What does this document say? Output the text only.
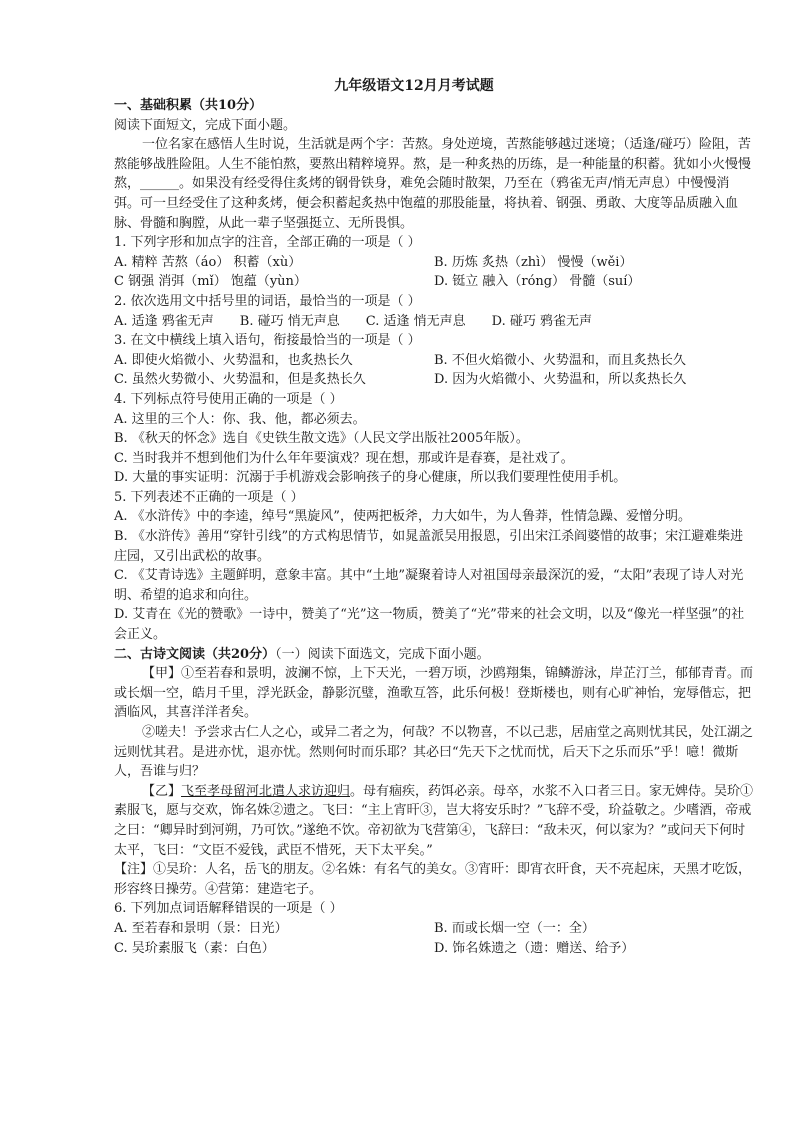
九年级语文12月月考试题

一、基础积累（共10分）

阅读下面短文，完成下面小题。

一位名家在感悟人生时说，生活就是两个字：苦熬。身处逆境，苦熬能够越过迷境；（适逢/碰巧）险阻，苦熬能够战胜险阻。人生不能怕熬，要熬出精粹境界。熬，是一种炙热的历练，是一种能量的积蓄。犹如小火慢慢熬，______。如果没有经受得住炙烤的钢骨铁身，难免会随时散架，乃至在（鸦雀无声/悄无声息）中慢慢消弭。可一旦经受住了这种炙烤，便会积蓄起炙热中饱蕴的那股能量，将执着、钢强、勇敢、大度等品质融入血脉、骨髓和胸膛，从此一辈子坚强挺立、无所畏惧。

1. 下列字形和加点字的注音，全部正确的一项是（ ）

A. 精粹 苦熬（áo） 积蓄（xù）	B. 历炼 炙热（zhì） 慢慢（wěi）
C 钢强 消弭（mǐ） 饱蕴（yùn）	D. 铤立 融入（róng） 骨髓（suí）

2. 依次选用文中括号里的词语，最恰当的一项是（ ）

A. 适逢 鸦雀无声 B. 碰巧 悄无声息 C. 适逢 悄无声息 D. 碰巧 鸦雀无声

3. 在文中横线上填入语句，衔接最恰当的一项是（ ）

A. 即使火焰微小、火势温和，也炙热长久	B. 不但火焰微小、火势温和，而且炙热长久
C. 虽然火势微小、火势温和，但是炙热长久	D. 因为火焰微小、火势温和，所以炙热长久

4. 下列标点符号使用正确的一项是（ ）

A. 这里的三个人：你、我、他，都必须去。

B. 《秋天的怀念》选自《史铁生散文选》（人民文学出版社2005年版）。

C. 当时我并不想到他们为什么年年要演戏？现在想，那或许是春赛，是社戏了。

D. 大量的事实证明：沉溺于手机游戏会影响孩子的身心健康，所以我们要理性使用手机。

5. 下列表述不正确的一项是（ ）

A. 《水浒传》中的李逵，绰号“黑旋风”，使两把板斧，力大如牛，为人鲁莽，性情急躁、爱憎分明。

B. 《水浒传》善用“穿针引线”的方式构思情节，如晁盖派吴用报恩，引出宋江杀阎婆惜的故事；宋江避难柴进庄园，又引出武松的故事。

C. 《艾青诗选》主题鲜明，意象丰富。其中“土地”凝聚着诗人对祖国母亲最深沉的爱，“太阳”表现了诗人对光明、希望的追求和向往。

D. 艾青在《光的赞歌》一诗中，赞美了“光”这一物质，赞美了“光”带来的社会文明，以及“像光一样坚强”的社会正义。

二、古诗文阅读（共20分）（一）阅读下面选文，完成下面小题。

【甲】①至若春和景明，波澜不惊，上下天光，一碧万顷，沙鸥翔集，锦鳞游泳，岸芷汀兰，郁郁青青。而或长烟一空，皓月千里，浮光跃金，静影沉璧，渔歌互答，此乐何极！登斯楼也，则有心旷神怡，宠辱偕忘，把酒临风，其喜洋洋者矣。

②嗟夫！予尝求古仁人之心，或异二者之为，何哉？不以物喜，不以己悲，居庙堂之高则忧其民，处江湖之远则忧其君。是进亦忧，退亦忧。然则何时而乐耶？其必曰“先天下之忧而忧，后天下之乐而乐”乎！噫！微斯人，吾谁与归？

【乙】飞至孝母留河北遣人求访迎归。母有痼疾，药饵必亲。母卒，水浆不入口者三日。家无婢侍。吴玠①素服飞，愿与交欢，饰名姝②遗之。飞曰：“主上宵旰③，岂大将安乐时？”飞辞不受，玠益敬之。少嗜酒，帝戒之曰：“卿异时到河朔，乃可饮。”遂绝不饮。帝初欲为飞营第④，飞辞曰：“敌未灭，何以家为？”或问天下何时太平，飞曰：“文臣不爱钱，武臣不惜死，天下太平矣。”

【注】①吴玠：人名，岳飞的朋友。②名姝：有名气的美女。③宵旰：即宵衣旰食，天不亮起床，天黑才吃饭，形容终日操劳。④营第：建造宅子。

6. 下列加点词语解释错误的一项是（ ）

A. 至若春和景明（景：日光）	B. 而或长烟一空（一：全）
C. 吴玠素服飞（素：白色）	D. 饰名姝遗之（遗：赠送、给予）
